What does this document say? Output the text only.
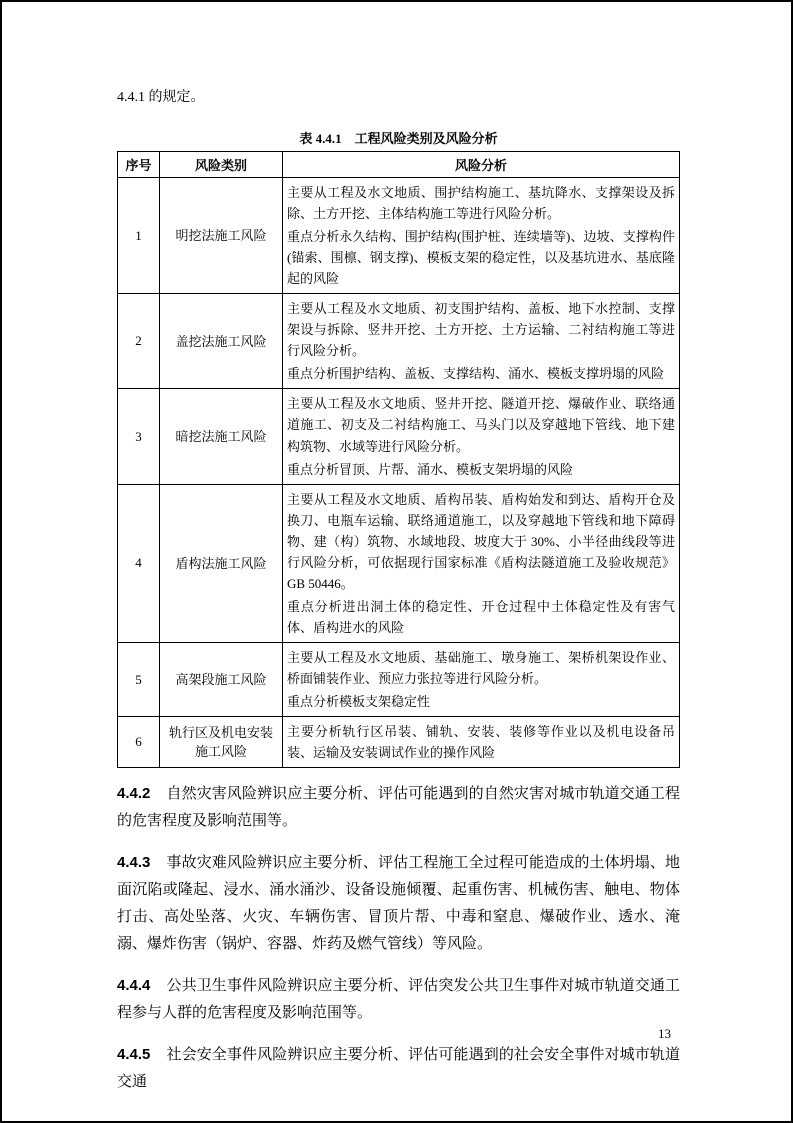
4.4.1 的规定。

表 4.4.1　工程风险类别及风险分析
序号	风险类别	风险分析
1	明挖法施工风险	主要从工程及水文地质、围护结构施工、基坑降水、支撑架设及拆除、土方开挖、主体结构施工等进行风险分析。
重点分析永久结构、围护结构(围护桩、连续墙等)、边坡、支撑构件(锚索、围檩、钢支撑)、模板支架的稳定性，以及基坑进水、基底隆起的风险

2	盖挖法施工风险	主要从工程及水文地质、初支围护结构、盖板、地下水控制、支撑架设与拆除、竖井开挖、土方开挖、土方运输、二衬结构施工等进行风险分析。
重点分析围护结构、盖板、支撑结构、涌水、模板支撑坍塌的风险

3	暗挖法施工风险	主要从工程及水文地质、竖井开挖、隧道开挖、爆破作业、联络通道施工、初支及二衬结构施工、马头门以及穿越地下管线、地下建构筑物、水域等进行风险分析。
重点分析冒顶、片帮、涌水、模板支架坍塌的风险

4	盾构法施工风险	主要从工程及水文地质、盾构吊装、盾构始发和到达、盾构开仓及换刀、电瓶车运输、联络通道施工，以及穿越地下管线和地下障碍物、建（构）筑物、水域地段、坡度大于 30%、小半径曲线段等进行风险分析，可依据现行国家标准《盾构法隧道施工及验收规范》GB 50446。
重点分析进出洞土体的稳定性、开仓过程中土体稳定性及有害气体、盾构进水的风险

5	高架段施工风险	主要从工程及水文地质、基础施工、墩身施工、架桥机架设作业、桥面铺装作业、预应力张拉等进行风险分析。
重点分析模板支架稳定性

6	轨行区及机电安装施工风险	主要分析轨行区吊装、铺轨、安装、装修等作业以及机电设备吊装、运输及安装调试作业的操作风险

4.4.2 自然灾害风险辨识应主要分析、评估可能遇到的自然灾害对城市轨道交通工程的危害程度及影响范围等。

4.4.3 事故灾难风险辨识应主要分析、评估工程施工全过程可能造成的土体坍塌、地面沉陷或隆起、浸水、涌水涌沙、设备设施倾覆、起重伤害、机械伤害、触电、物体打击、高处坠落、火灾、车辆伤害、冒顶片帮、中毒和窒息、爆破作业、透水、淹溺、爆炸伤害（锅炉、容器、炸药及燃气管线）等风险。

4.4.4 公共卫生事件风险辨识应主要分析、评估突发公共卫生事件对城市轨道交通工程参与人群的危害程度及影响范围等。

4.4.5 社会安全事件风险辨识应主要分析、评估可能遇到的社会安全事件对城市轨道交通

13
